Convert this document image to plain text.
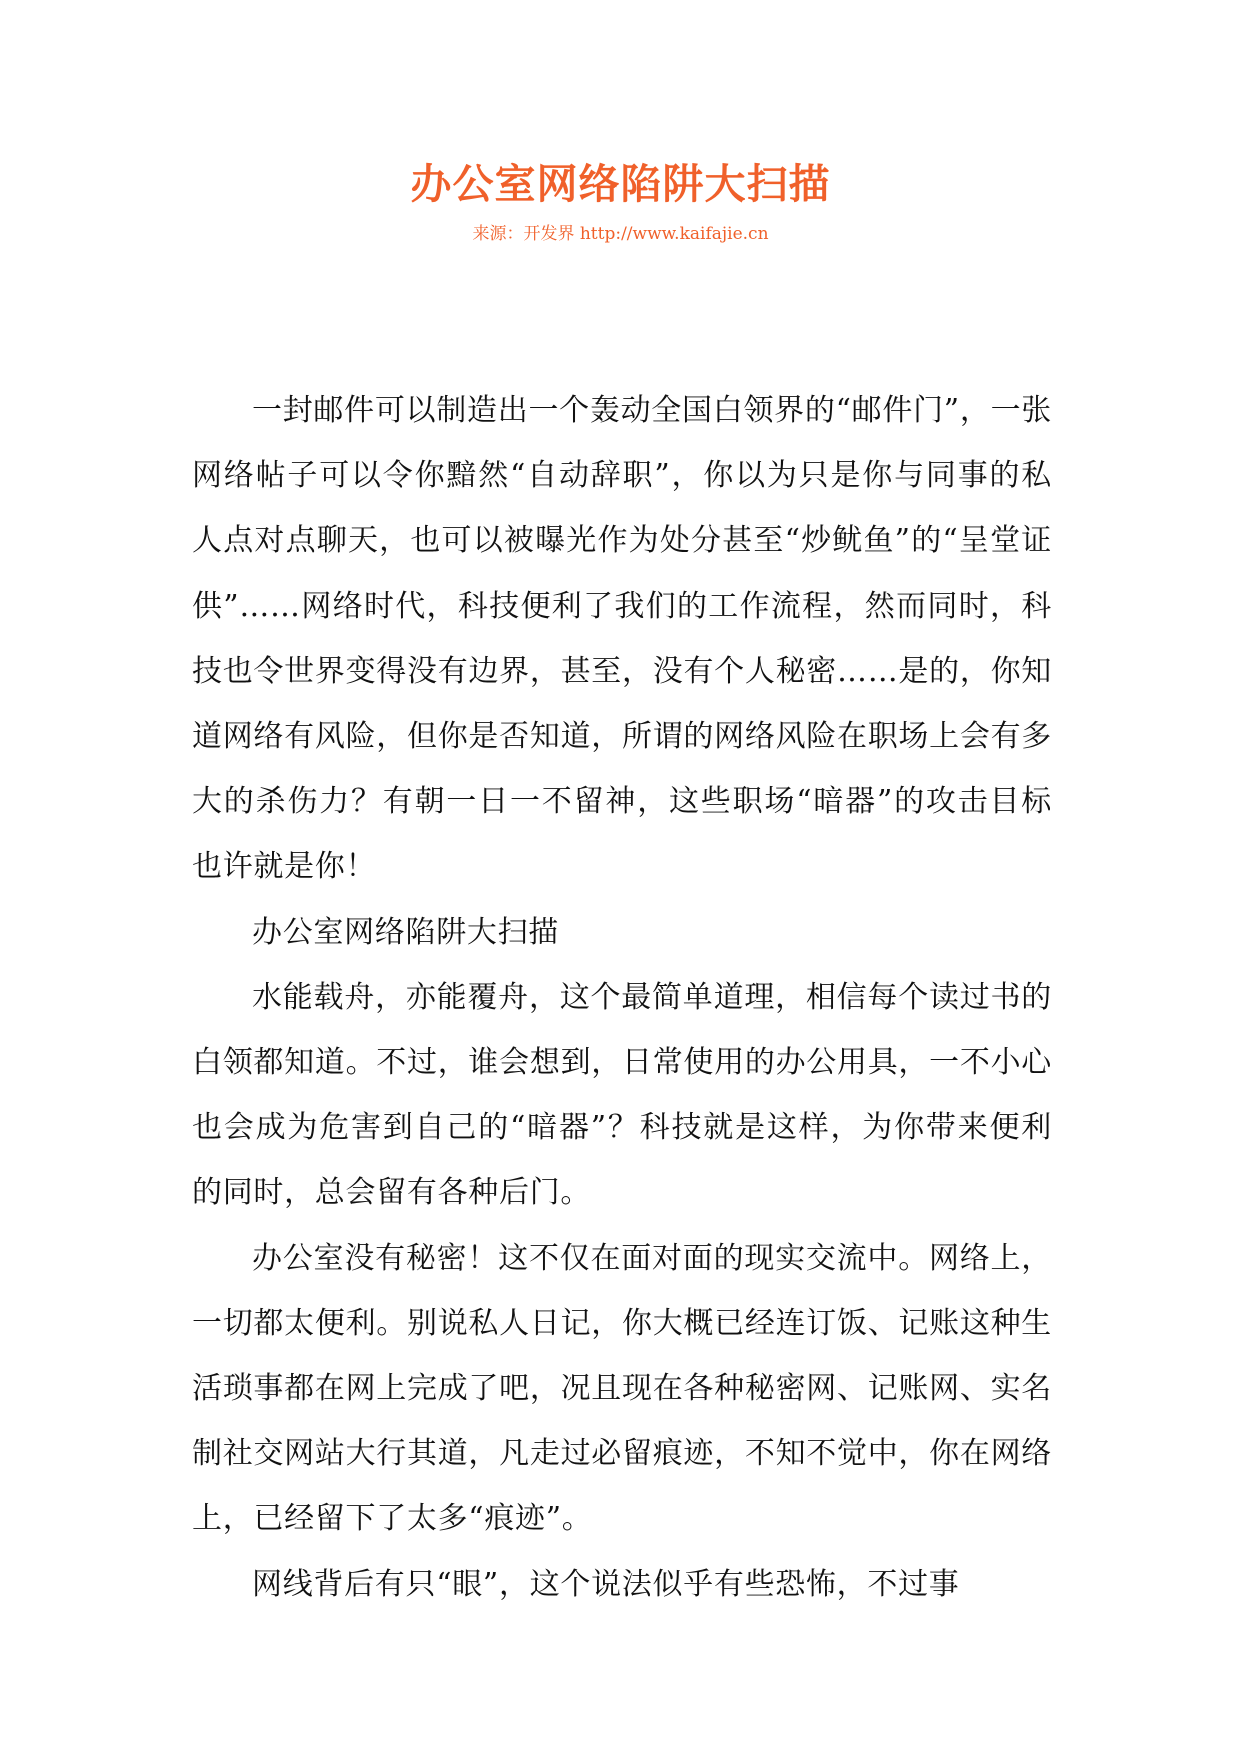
办公室网络陷阱大扫描
来源：开发界 http://www.kaifajie.cn

一封邮件可以制造出一个轰动全国白领界的“邮件门”，一张网络帖子可以令你黯然“自动辞职”，你以为只是你与同事的私人点对点聊天，也可以被曝光作为处分甚至“炒鱿鱼”的“呈堂证供”……网络时代，科技便利了我们的工作流程，然而同时，科技也令世界变得没有边界，甚至，没有个人秘密……是的，你知道网络有风险，但你是否知道，所谓的网络风险在职场上会有多大的杀伤力？有朝一日一不留神，这些职场“暗器”的攻击目标也许就是你！

办公室网络陷阱大扫描

水能载舟，亦能覆舟，这个最简单道理，相信每个读过书的白领都知道。不过，谁会想到，日常使用的办公用具，一不小心也会成为危害到自己的“暗器”？科技就是这样，为你带来便利的同时，总会留有各种后门。

办公室没有秘密！这不仅在面对面的现实交流中。网络上，一切都太便利。别说私人日记，你大概已经连订饭、记账这种生活琐事都在网上完成了吧，况且现在各种秘密网、记账网、实名制社交网站大行其道，凡走过必留痕迹，不知不觉中，你在网络上，已经留下了太多“痕迹”。

网线背后有只“眼”，这个说法似乎有些恐怖，不过事
